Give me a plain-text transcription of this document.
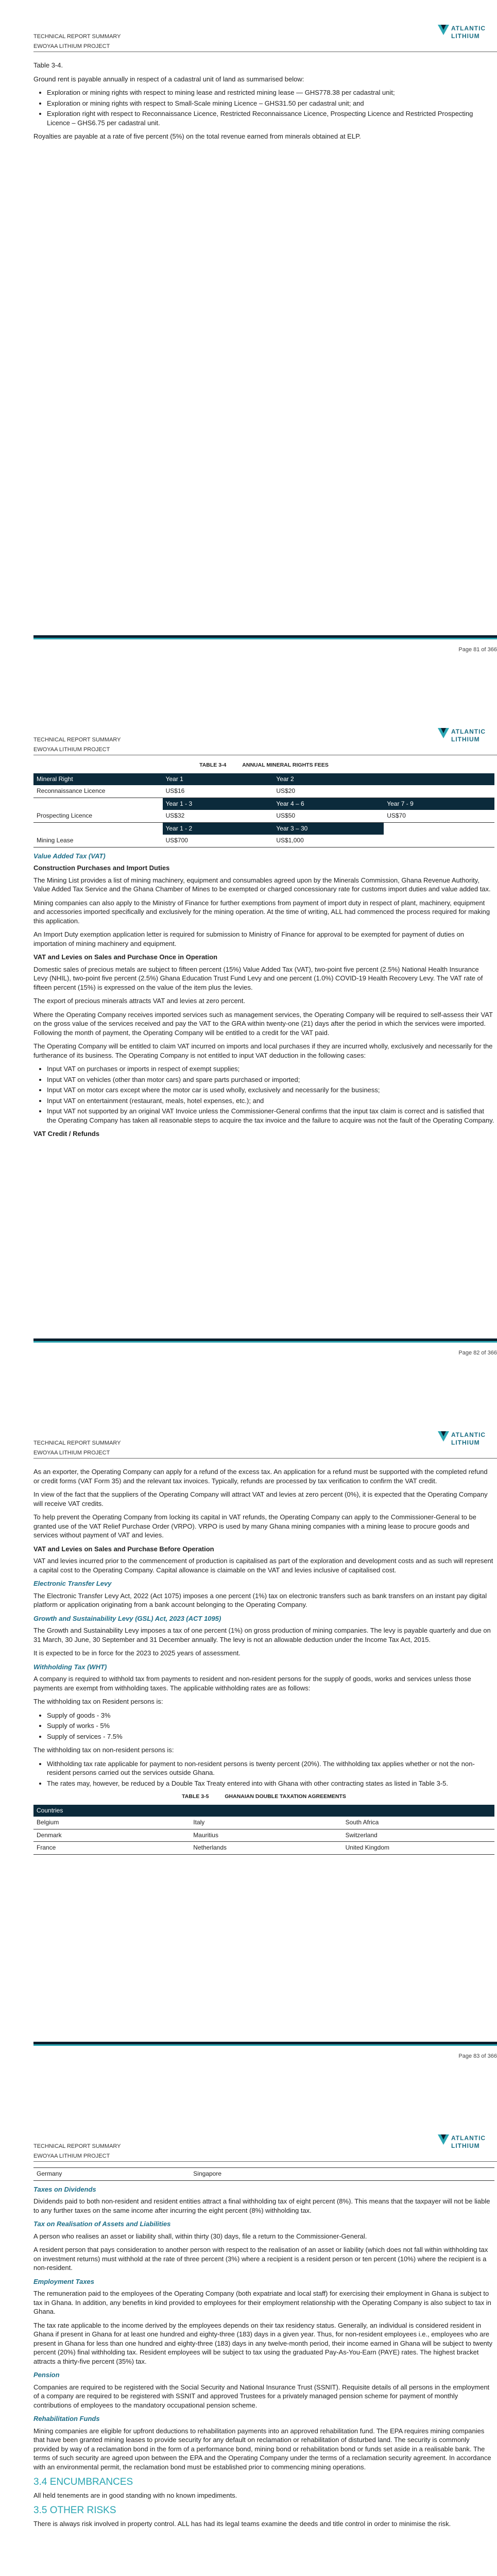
TECHNICAL REPORT SUMMARY
EWOYAA LITHIUM PROJECT
ATLANTIC
LITHIUM

Table 3-4.

Ground rent is payable annually in respect of a cadastral unit of land as summarised below:

• Exploration or mining rights with respect to mining lease and restricted mining lease — GHS778.38 per cadastral unit;
• Exploration or mining rights with respect to Small-Scale mining Licence – GHS31.50 per cadastral unit; and
• Exploration right with respect to Reconnaissance Licence, Restricted Reconnaissance Licence, Prospecting Licence and Restricted Prospecting Licence – GHS6.75 per cadastral unit.

Royalties are payable at a rate of five percent (5%) on the total revenue earned from minerals obtained at ELP.

Page 81 of 366
TECHNICAL REPORT SUMMARY
EWOYAA LITHIUM PROJECT
ATLANTIC
LITHIUM
TABLE 3-4	ANNUAL MINERAL RIGHTS FEES
Mineral Right	Year 1	Year 2	
Reconnaissance Licence	US$16	US$20	
	Year 1 - 3	Year 4 – 6	Year 7 - 9
Prospecting Licence	US$32	US$50	US$70
	Year 1 - 2	Year 3 – 30	
Mining Lease	US$700	US$1,000	
Value Added Tax (VAT)
Construction Purchases and Import Duties

The Mining List provides a list of mining machinery, equipment and consumables agreed upon by the Minerals Commission, Ghana Revenue Authority, Value Added Tax Service and the Ghana Chamber of Mines to be exempted or charged concessionary rate for customs import duties and value added tax.

Mining companies can also apply to the Ministry of Finance for further exemptions from payment of import duty in respect of plant, machinery, equipment and accessories imported specifically and exclusively for the mining operation. At the time of writing, ALL had commenced the process required for making this application.

An Import Duty exemption application letter is required for submission to Ministry of Finance for approval to be exempted for payment of duties on importation of mining machinery and equipment.

VAT and Levies on Sales and Purchase Once in Operation

Domestic sales of precious metals are subject to fifteen percent (15%) Value Added Tax (VAT), two-point five percent (2.5%) National Health Insurance Levy (NHIL), two-point five percent (2.5%) Ghana Education Trust Fund Levy and one percent (1.0%) COVID-19 Health Recovery Levy. The VAT rate of fifteen percent (15%) is expressed on the value of the item plus the levies.

The export of precious minerals attracts VAT and levies at zero percent.

Where the Operating Company receives imported services such as management services, the Operating Company will be required to self-assess their VAT on the gross value of the services received and pay the VAT to the GRA within twenty-one (21) days after the period in which the services were imported. Following the month of payment, the Operating Company will be entitled to a credit for the VAT paid.

The Operating Company will be entitled to claim VAT incurred on imports and local purchases if they are incurred wholly, exclusively and necessarily for the furtherance of its business. The Operating Company is not entitled to input VAT deduction in the following cases:

• Input VAT on purchases or imports in respect of exempt supplies;
• Input VAT on vehicles (other than motor cars) and spare parts purchased or imported;
• Input VAT on motor cars except where the motor car is used wholly, exclusively and necessarily for the business;
• Input VAT on entertainment (restaurant, meals, hotel expenses, etc.); and
• Input VAT not supported by an original VAT Invoice unless the Commissioner-General confirms that the input tax claim is correct and is satisfied that the Operating Company has taken all reasonable steps to acquire the tax invoice and the failure to acquire was not the fault of the Operating Company.
VAT Credit / Refunds
Page 82 of 366
TECHNICAL REPORT SUMMARY
EWOYAA LITHIUM PROJECT
ATLANTIC
LITHIUM

As an exporter, the Operating Company can apply for a refund of the excess tax. An application for a refund must be supported with the completed refund or credit forms (VAT Form 35) and the relevant tax invoices. Typically, refunds are processed by tax verification to confirm the VAT credit.

In view of the fact that the suppliers of the Operating Company will attract VAT and levies at zero percent (0%), it is expected that the Operating Company will receive VAT credits.

To help prevent the Operating Company from locking its capital in VAT refunds, the Operating Company can apply to the Commissioner-General to be granted use of the VAT Relief Purchase Order (VRPO). VRPO is used by many Ghana mining companies with a mining lease to procure goods and services without payment of VAT and levies.

VAT and Levies on Sales and Purchase Before Operation

VAT and levies incurred prior to the commencement of production is capitalised as part of the exploration and development costs and as such will represent a capital cost to the Operating Company. Capital allowance is claimable on the VAT and levies inclusive of capitalised cost.

Electronic Transfer Levy

The Electronic Transfer Levy Act, 2022 (Act 1075) imposes a one percent (1%) tax on electronic transfers such as bank transfers on an instant pay digital platform or application originating from a bank account belonging to the Operating Company.

Growth and Sustainability Levy (GSL) Act, 2023 (ACT 1095)

The Growth and Sustainability Levy imposes a tax of one percent (1%) on gross production of mining companies. The levy is payable quarterly and due on 31 March, 30 June, 30 September and 31 December annually. The levy is not an allowable deduction under the Income Tax Act, 2015.

It is expected to be in force for the 2023 to 2025 years of assessment.

Withholding Tax (WHT)

A company is required to withhold tax from payments to resident and non-resident persons for the supply of goods, works and services unless those payments are exempt from withholding taxes. The applicable withholding rates are as follows:

The withholding tax on Resident persons is:

• Supply of goods - 3%
• Supply of works - 5%
• Supply of services - 7.5%

The withholding tax on non-resident persons is:

• Withholding tax rate applicable for payment to non-resident persons is twenty percent (20%). The withholding tax applies whether or not the non-resident persons carried out the services outside Ghana.
• The rates may, however, be reduced by a Double Tax Treaty entered into with Ghana with other contracting states as listed in Table 3-5.
TABLE 3-5	GHANAIAN DOUBLE TAXATION AGREEMENTS
Countries		
Belgium	Italy	South Africa
Denmark	Mauritius	Switzerland
France	Netherlands	United Kingdom
Page 83 of 366
TECHNICAL REPORT SUMMARY
EWOYAA LITHIUM PROJECT
ATLANTIC
LITHIUM
Germany	Singapore
Taxes on Dividends

Dividends paid to both non-resident and resident entities attract a final withholding tax of eight percent (8%). This means that the taxpayer will not be liable to any further taxes on the same income after incurring the eight percent (8%) withholding tax.

Tax on Realisation of Assets and Liabilities

A person who realises an asset or liability shall, within thirty (30) days, file a return to the Commissioner-General.

A resident person that pays consideration to another person with respect to the realisation of an asset or liability (which does not fall within withholding tax on investment returns) must withhold at the rate of three percent (3%) where a recipient is a resident person or ten percent (10%) where the recipient is a non-resident.

Employment Taxes

The remuneration paid to the employees of the Operating Company (both expatriate and local staff) for exercising their employment in Ghana is subject to tax in Ghana. In addition, any benefits in kind provided to employees for their employment relationship with the Operating Company is also subject to tax in Ghana.

The tax rate applicable to the income derived by the employees depends on their tax residency status. Generally, an individual is considered resident in Ghana if present in Ghana for at least one hundred and eighty-three (183) days in a given year. Thus, for non-resident employees i.e., employees who are present in Ghana for less than one hundred and eighty-three (183) days in any twelve-month period, their income earned in Ghana will be subject to twenty percent (20%) final withholding tax. Resident employees will be subject to tax using the graduated Pay-As-You-Earn (PAYE) rates. The highest bracket attracts a thirty-five percent (35%) tax.

Pension

Companies are required to be registered with the Social Security and National Insurance Trust (SSNIT). Requisite details of all persons in the employment of a company are required to be registered with SSNIT and approved Trustees for a privately managed pension scheme for payment of monthly contributions of employees to the mandatory occupational pension scheme.

Rehabilitation Funds

Mining companies are eligible for upfront deductions to rehabilitation payments into an approved rehabilitation fund. The EPA requires mining companies that have been granted mining leases to provide security for any default on reclamation or rehabilitation of disturbed land. The security is commonly provided by way of a reclamation bond in the form of a performance bond, mining bond or rehabilitation bond or funds set aside in a realisable bank. The terms of such security are agreed upon between the EPA and the Operating Company under the terms of a reclamation security agreement. In accordance with an environmental permit, the reclamation bond must be established prior to commencing mining operations.

3.4 ENCUMBRANCES

All held tenements are in good standing with no known impediments.

3.5 OTHER RISKS

There is always risk involved in property control. ALL has had its legal teams examine the deeds and title control in order to minimise the risk.
